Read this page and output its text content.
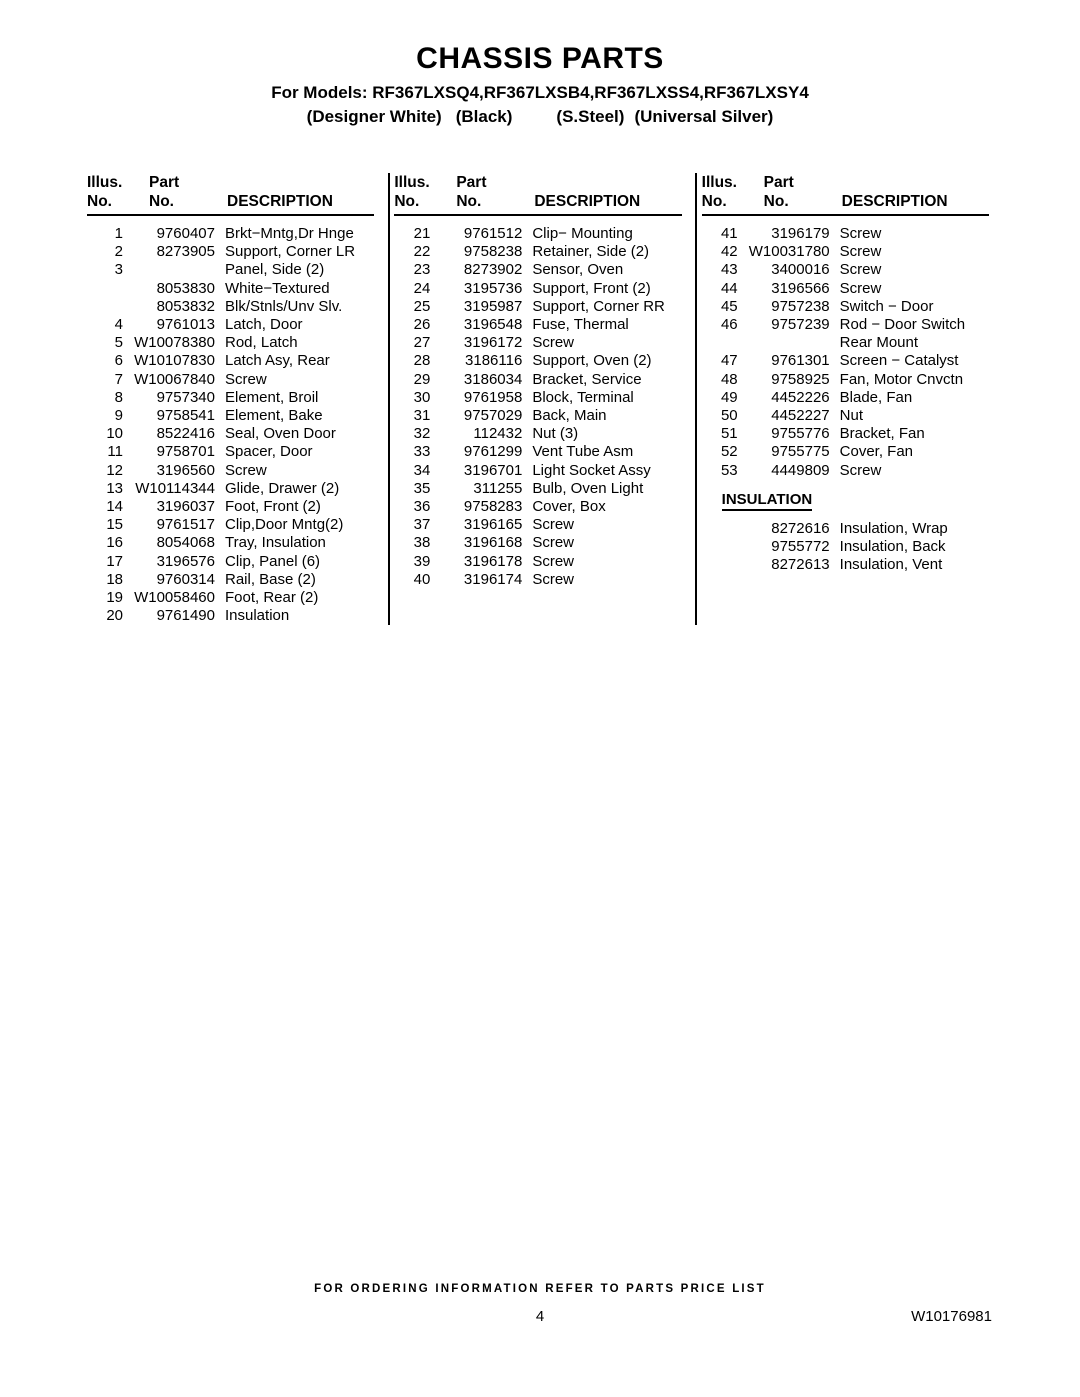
CHASSIS PARTS
For Models: RF367LXSQ4,RF367LXSB4,RF367LXSS4,RF367LXSY4
(Designer White) (Black)	(S.Steel) (Universal Silver)
Illus.	Part
No.	No.	DESCRIPTION
1	9760407 Brkt−Mntg,Dr Hnge
2	8273905 Support, Corner LR
3	Panel, Side (2)
8053830 White−Textured
8053832 Blk/Stnls/Unv Slv.
4	9761013 Latch, Door
5 W10078380 Rod, Latch
6 W10107830 Latch Asy, Rear
7 W10067840 Screw
8	9757340 Element, Broil
9	9758541 Element, Bake
10	8522416 Seal, Oven Door
11	9758701 Spacer, Door
12	3196560 Screw
13 W10114344 Glide, Drawer (2)
14	3196037 Foot, Front (2)
15	9761517 Clip,Door Mntg(2)
16	8054068 Tray, Insulation
17	3196576 Clip, Panel (6)
18	9760314 Rail, Base (2)
19 W10058460 Foot, Rear (2)
20	9761490 Insulation
Illus.	Part
No.	No.	DESCRIPTION
21	9761512 Clip− Mounting
22	9758238 Retainer, Side (2)
23	8273902 Sensor, Oven
24	3195736 Support, Front (2)
25	3195987 Support, Corner RR
26	3196548 Fuse, Thermal
27	3196172 Screw
28	3186116 Support, Oven (2)
29	3186034 Bracket, Service
30	9761958 Block, Terminal
31	9757029 Back, Main
32	112432 Nut (3)
33	9761299 Vent Tube Asm
34	3196701 Light Socket Assy
35	311255 Bulb, Oven Light
36	9758283 Cover, Box
37	3196165 Screw
38	3196168 Screw
39	3196178 Screw
40	3196174 Screw
Illus.	Part
No.	No.	DESCRIPTION
41	3196179 Screw
42 W10031780 Screw
43	3400016 Screw
44	3196566 Screw
45	9757238 Switch − Door
46	9757239 Rod − Door Switch
Rear Mount
47	9761301 Screen − Catalyst
48	9758925 Fan, Motor Cnvctn
49	4452226 Blade, Fan
50	4452227 Nut
51	9755776 Bracket, Fan
52	9755775 Cover, Fan
53	4449809 Screw
INSULATION
8272616 Insulation, Wrap
9755772 Insulation, Back
8272613 Insulation, Vent
FOR ORDERING INFORMATION REFER TO PARTS PRICE LIST
4	W10176981
